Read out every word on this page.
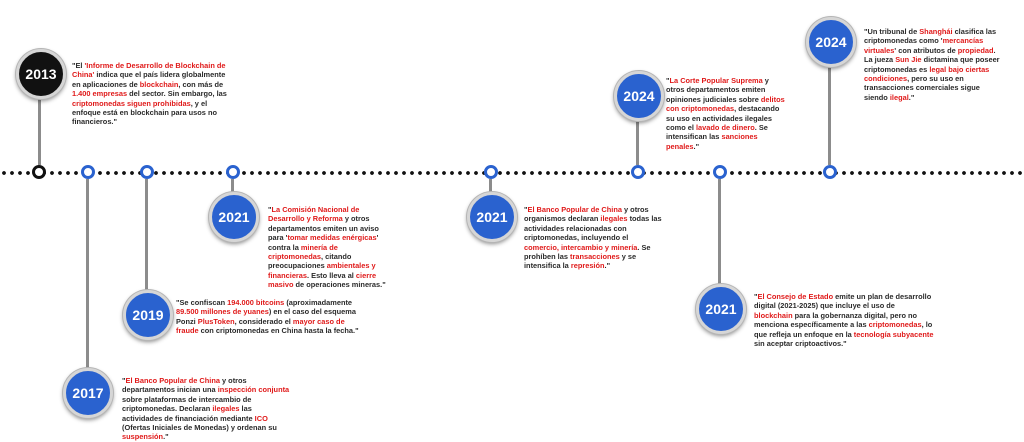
2013

"El 'Informe de Desarrollo de Blockchain de China' indica que el país lidera globalmente en aplicaciones de blockchain, con más de 1.400 empresas del sector. Sin embargo, las criptomonedas siguen prohibidas, y el enfoque está en blockchain para usos no financieros."

2017

"El Banco Popular de China y otros departamentos inician una inspección conjunta sobre plataformas de intercambio de criptomonedas. Declaran ilegales las actividades de financiación mediante ICO (Ofertas Iniciales de Monedas) y ordenan su suspensión."

2019

"Se confiscan 194.000 bitcoins (aproximadamente 89.500 millones de yuanes) en el caso del esquema Ponzi PlusToken, considerado el mayor caso de fraude con criptomonedas en China hasta la fecha."

2021	"La Comisión Nacional de Desarrollo y Reforma y otros departamentos emiten un aviso para 'tomar medidas enérgicas' contra la minería de criptomonedas, citando preocupaciones ambientales y financieras. Esto lleva al cierre masivo de operaciones mineras."

2021	"El Banco Popular de China y otros organismos declaran ilegales todas las actividades relacionadas con criptomonedas, incluyendo el comercio, intercambio y minería. Se prohíben las transacciones y se intensifica la represión."

2024

"La Corte Popular Suprema y otros departamentos emiten opiniones judiciales sobre delitos con criptomonedas, destacando su uso en actividades ilegales como el lavado de dinero. Se intensifican las sanciones penales."

2021

"El Consejo de Estado emite un plan de desarrollo digital (2021-2025) que incluye el uso de blockchain para la gobernanza digital, pero no menciona específicamente a las criptomonedas, lo que refleja un enfoque en la tecnología subyacente sin aceptar criptoactivos."

2024

"Un tribunal de Shanghái clasifica las criptomonedas como 'mercancías virtuales' con atributos de propiedad. La jueza Sun Jie dictamina que poseer criptomonedas es legal bajo ciertas condiciones, pero su uso en transacciones comerciales sigue siendo ilegal."
